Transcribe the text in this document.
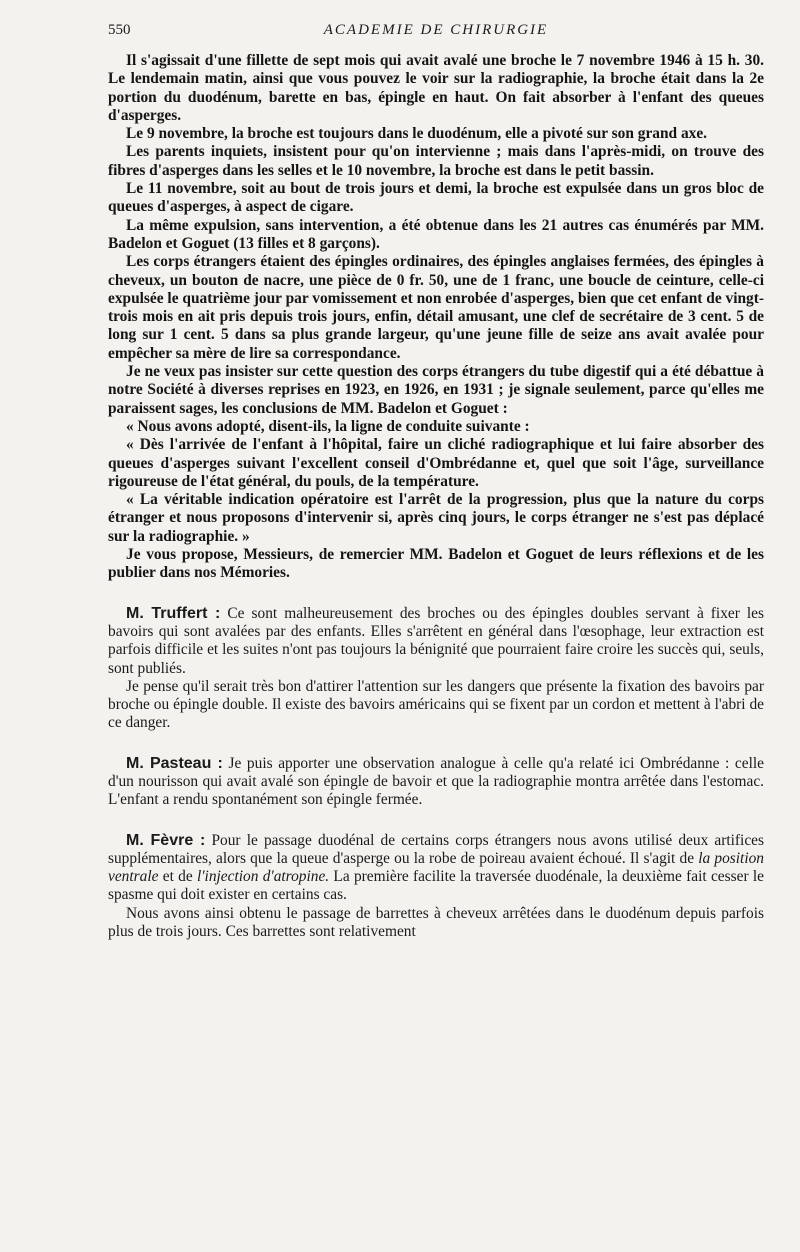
550	ACADEMIE DE CHIRURGIE

Il s'agissait d'une fillette de sept mois qui avait avalé une broche le 7 novembre 1946 à 15 h. 30. Le lendemain matin, ainsi que vous pouvez le voir sur la radiographie, la broche était dans la 2e portion du duodénum, barette en bas, épingle en haut. On fait absorber à l'enfant des queues d'asperges.

Le 9 novembre, la broche est toujours dans le duodénum, elle a pivoté sur son grand axe.

Les parents inquiets, insistent pour qu'on intervienne ; mais dans l'après-midi, on trouve des fibres d'asperges dans les selles et le 10 novembre, la broche est dans le petit bassin.

Le 11 novembre, soit au bout de trois jours et demi, la broche est expulsée dans un gros bloc de queues d'asperges, à aspect de cigare.

La même expulsion, sans intervention, a été obtenue dans les 21 autres cas énumérés par MM. Badelon et Goguet (13 filles et 8 garçons).

Les corps étrangers étaient des épingles ordinaires, des épingles anglaises fermées, des épingles à cheveux, un bouton de nacre, une pièce de 0 fr. 50, une de 1 franc, une boucle de ceinture, celle-ci expulsée le quatrième jour par vomissement et non enrobée d'asperges, bien que cet enfant de vingt-trois mois en ait pris depuis trois jours, enfin, détail amusant, une clef de secrétaire de 3 cent. 5 de long sur 1 cent. 5 dans sa plus grande largeur, qu'une jeune fille de seize ans avait avalée pour empêcher sa mère de lire sa correspondance.

Je ne veux pas insister sur cette question des corps étrangers du tube digestif qui a été débattue à notre Société à diverses reprises en 1923, en 1926, en 1931 ; je signale seulement, parce qu'elles me paraissent sages, les conclusions de MM. Badelon et Goguet :

« Nous avons adopté, disent-ils, la ligne de conduite suivante :

« Dès l'arrivée de l'enfant à l'hôpital, faire un cliché radiographique et lui faire absorber des queues d'asperges suivant l'excellent conseil d'Ombrédanne et, quel que soit l'âge, surveillance rigoureuse de l'état général, du pouls, de la température.

« La véritable indication opératoire est l'arrêt de la progression, plus que la nature du corps étranger et nous proposons d'intervenir si, après cinq jours, le corps étranger ne s'est pas déplacé sur la radiographie. »

Je vous propose, Messieurs, de remercier MM. Badelon et Goguet de leurs réflexions et de les publier dans nos Mémories.

M. Truffert : Ce sont malheureusement des broches ou des épingles doubles servant à fixer les bavoirs qui sont avalées par des enfants. Elles s'arrêtent en général dans l'œsophage, leur extraction est parfois difficile et les suites n'ont pas toujours la bénignité que pourraient faire croire les succès qui, seuls, sont publiés.

Je pense qu'il serait très bon d'attirer l'attention sur les dangers que présente la fixation des bavoirs par broche ou épingle double. Il existe des bavoirs américains qui se fixent par un cordon et mettent à l'abri de ce danger.

M. Pasteau : Je puis apporter une observation analogue à celle qu'a relaté ici Ombrédanne : celle d'un nourisson qui avait avalé son épingle de bavoir et que la radiographie montra arrêtée dans l'estomac. L'enfant a rendu spontanément son épingle fermée.

M. Fèvre : Pour le passage duodénal de certains corps étrangers nous avons utilisé deux artifices supplémentaires, alors que la queue d'asperge ou la robe de poireau avaient échoué. Il s'agit de la position ventrale et de l'injection d'atropine. La première facilite la traversée duodénale, la deuxième fait cesser le spasme qui doit exister en certains cas.

Nous avons ainsi obtenu le passage de barrettes à cheveux arrêtées dans le duodénum depuis parfois plus de trois jours. Ces barrettes sont relativement
